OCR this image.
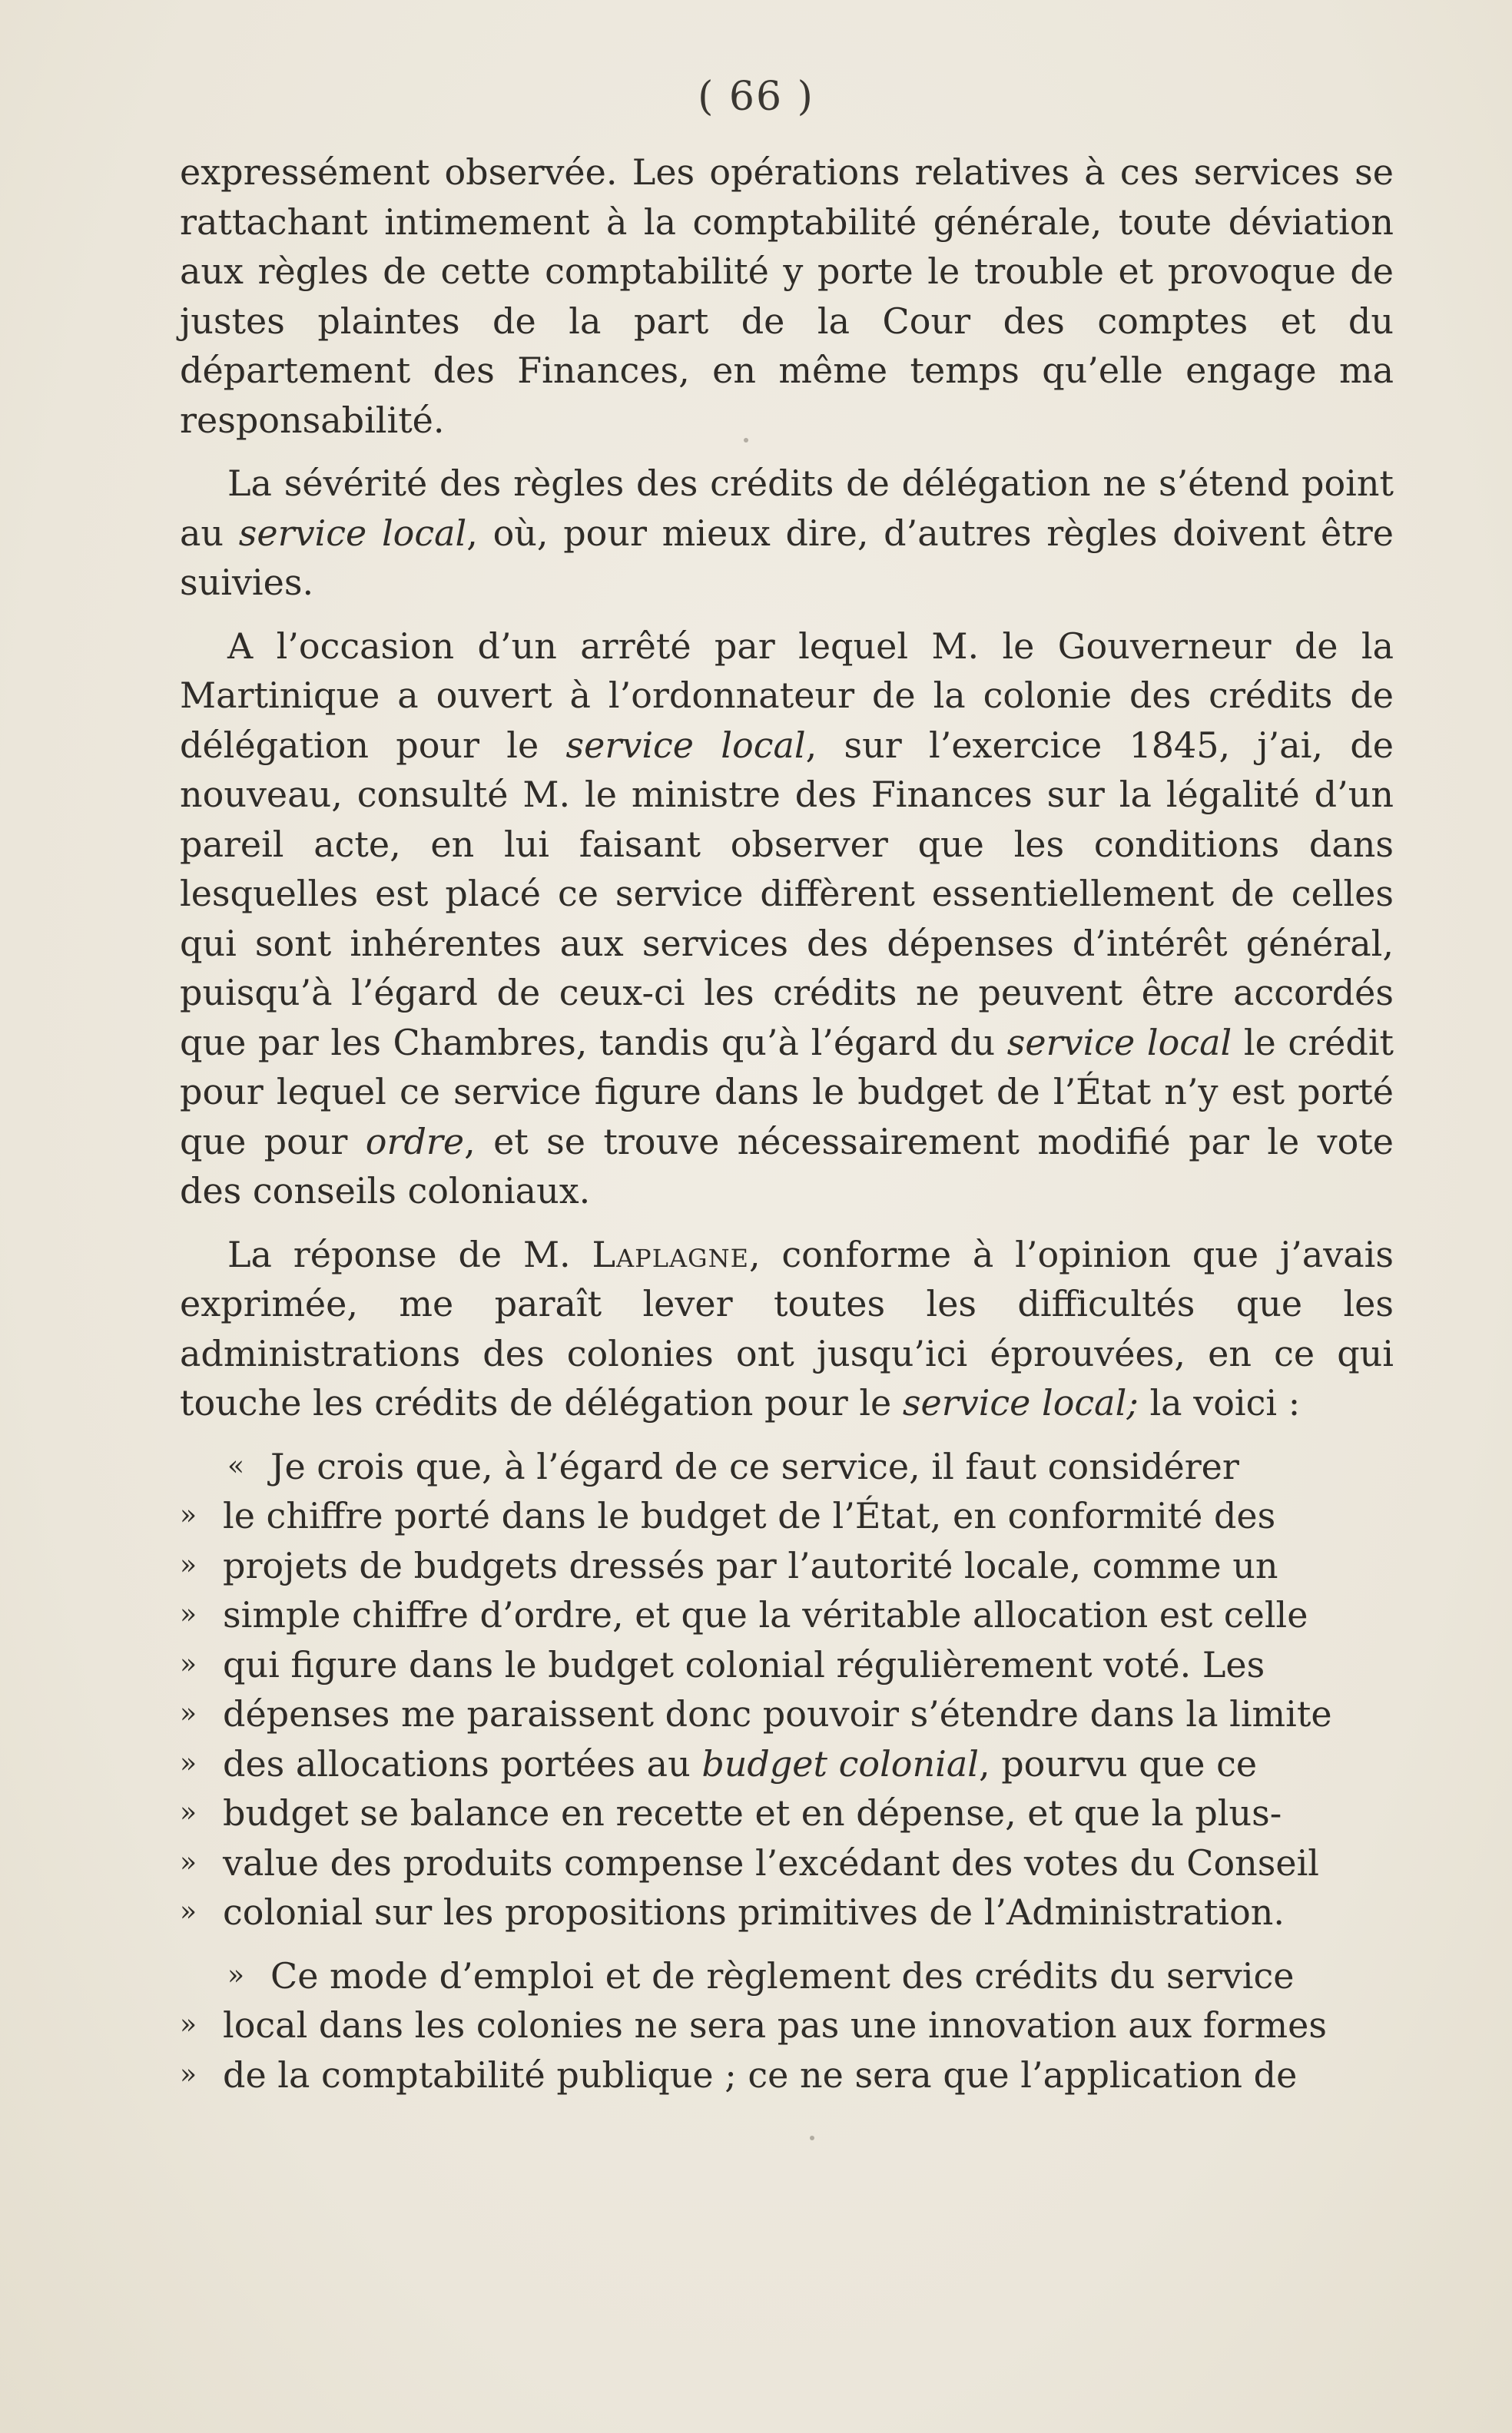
( 66 )

expressément observée. Les opérations relatives à ces services se rattachant intimement à la comptabilité générale, toute déviation aux règles de cette comptabilité y porte le trouble et provoque de justes plaintes de la part de la Cour des comptes et du département des Finances, en même temps qu’elle engage ma responsabilité.

La sévérité des règles des crédits de délégation ne s’étend point au service local, où, pour mieux dire, d’autres règles doivent être suivies.

A l’occasion d’un arrêté par lequel M. le Gouverneur de la Martinique a ouvert à l’ordonnateur de la colonie des crédits de délégation pour le service local, sur l’exercice 1845, j’ai, de nouveau, consulté M. le ministre des Finances sur la légalité d’un pareil acte, en lui faisant observer que les conditions dans lesquelles est placé ce service diffèrent essentiellement de celles qui sont inhérentes aux services des dépenses d’intérêt général, puisqu’à l’égard de ceux-ci les crédits ne peuvent être accordés que par les Chambres, tandis qu’à l’égard du service local le crédit pour lequel ce service figure dans le budget de l’État n’y est porté que pour ordre, et se trouve nécessairement modifié par le vote des conseils coloniaux.

La réponse de M. Laplagne, conforme à l’opinion que j’avais exprimée, me paraît lever toutes les difficultés que les administrations des colonies ont jusqu’ici éprouvées, en ce qui touche les crédits de délégation pour le service local; la voici :

« Je crois que, à l’égard de ce service, il faut considérer
» le chiffre porté dans le budget de l’État, en conformité des
» projets de budgets dressés par l’autorité locale, comme un
» simple chiffre d’ordre, et que la véritable allocation est celle
» qui figure dans le budget colonial régulièrement voté. Les
» dépenses me paraissent donc pouvoir s’étendre dans la limite
» des allocations portées au budget colonial, pourvu que ce
» budget se balance en recette et en dépense, et que la plus-
» value des produits compense l’excédant des votes du Conseil
» colonial sur les propositions primitives de l’Administration.
» Ce mode d’emploi et de règlement des crédits du service
» local dans les colonies ne sera pas une innovation aux formes
» de la comptabilité publique ; ce ne sera que l’application de
